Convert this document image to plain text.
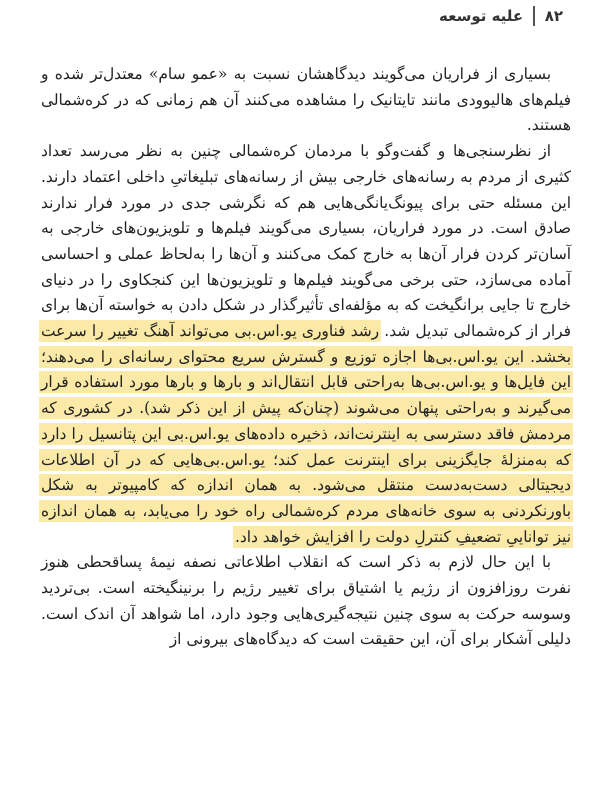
۸۲
علیه توسعه

بسیاری از فراریان می‌گویند دیدگاهشان نسبت به «عمو سام» معتدل‌تر شده و فیلم‌های هالیوودی مانند تایتانیک را مشاهده می‌کنند آن هم زمانی که در کره‌شمالی هستند.

از نظرسنجی‌ها و گفت‌وگو با مردمان کره‌شمالی چنین به نظر می‌رسد تعداد کثیری از مردم به رسانه‌های خارجی بیش از رسانه‌های تبلیغاتیِ داخلی اعتماد دارند. این مسئله حتی برای پیونگ‌یانگی‌هایی هم که نگرشی جدی در مورد فرار ندارند صادق است. در مورد فراریان، بسیاری می‌گویند فیلم‌ها و تلویزیون‌های خارجی به آسان‌تر کردن فرار آن‌ها به خارج کمک می‌کنند و آن‌ها را به‌لحاظ عملی و احساسی آماده می‌سازد، حتی برخی می‌گویند فیلم‌ها و تلویزیون‌ها این کنجکاوی را در دنیای خارج تا جایی برانگیخت که به مؤلفه‌ای تأثیرگذار در شکل دادن به خواسته آن‌ها برای فرار از کره‌شمالی تبدیل شد. رشد فناوری یو.اس.بی می‌تواند آهنگ تغییر را سرعت بخشد. این یو.اس.بی‌ها اجازه توزیع و گسترش سریع محتوای رسانه‌ای را می‌دهند؛ این فایل‌ها و یو.اس.بی‌ها به‌راحتی قابل انتقال‌اند و بارها و بارها مورد استفاده قرار می‌گیرند و به‌راحتی پنهان می‌شوند (چنان‌که پیش از این ذکر شد). در کشوری که مردمش فاقد دسترسی به اینترنت‌اند، ذخیره داده‌های یو.اس.بی این پتانسیل را دارد که به‌منزلهٔ جایگزینی برای اینترنت عمل کند؛ یو.اس.بی‌هایی که در آن اطلاعات دیجیتالی دست‌به‌دست منتقل می‌شود. به همان اندازه که کامپیوتر به شکل باورنکردنی به سوی خانه‌های مردم کره‌شمالی راه خود را می‌یابد، به همان اندازه نیز تواناییِ تضعیفِ کنترلِ دولت را افزایش خواهد داد.

با این حال لازم به ذکر است که انقلاب اطلاعاتی نصفه نیمهٔ پساقحطی هنوز نفرت روزافزون از رژیم یا اشتیاق برای تغییر رژیم را برنینگیخته است. بی‌تردید وسوسه حرکت به سوی چنین نتیجه‌گیری‌هایی وجود دارد، اما شواهد آن اندک است. دلیلی آشکار برای آن، این حقیقت است که دیدگاه‌های بیرونی از
